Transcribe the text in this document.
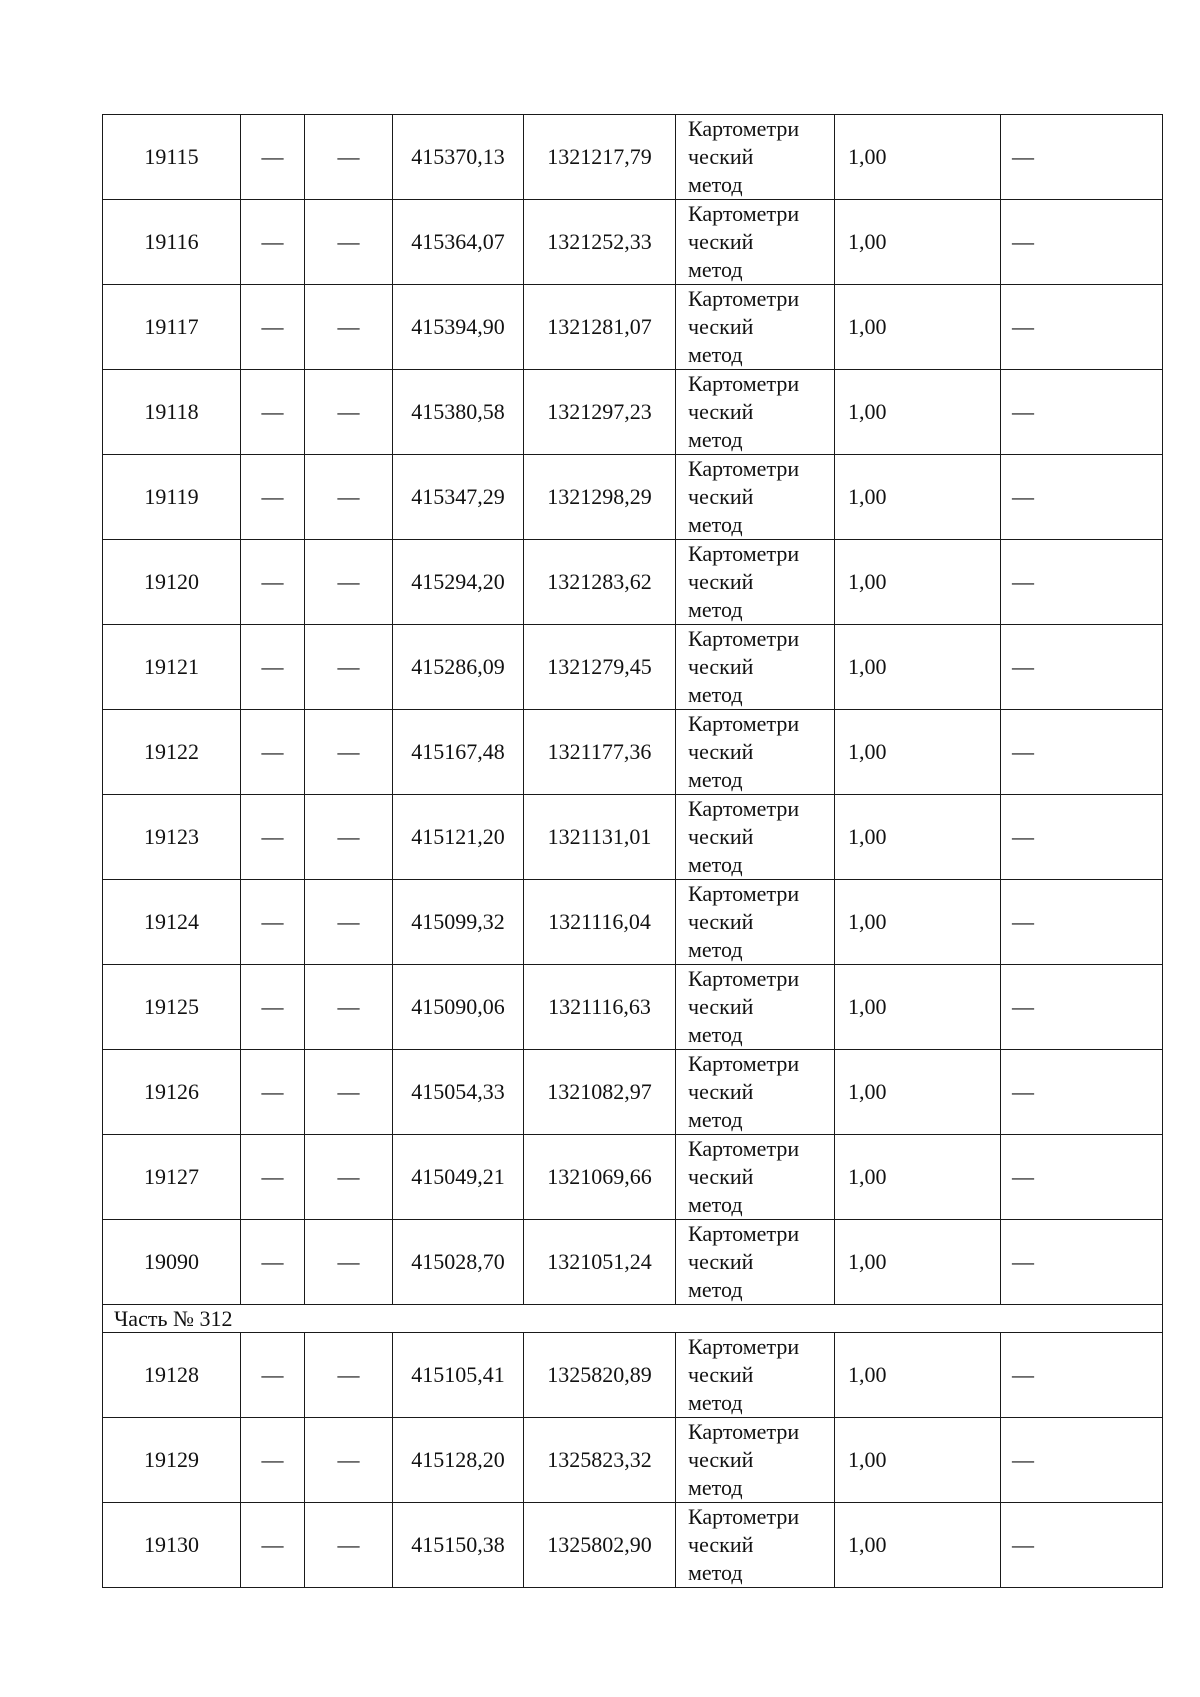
19115	—	—	415370,13	1321217,79	Картометри
ческий
метод	1,00	—
19116	—	—	415364,07	1321252,33	Картометри
ческий
метод	1,00	—
19117	—	—	415394,90	1321281,07	Картометри
ческий
метод	1,00	—
19118	—	—	415380,58	1321297,23	Картометри
ческий
метод	1,00	—
19119	—	—	415347,29	1321298,29	Картометри
ческий
метод	1,00	—
19120	—	—	415294,20	1321283,62	Картометри
ческий
метод	1,00	—
19121	—	—	415286,09	1321279,45	Картометри
ческий
метод	1,00	—
19122	—	—	415167,48	1321177,36	Картометри
ческий
метод	1,00	—
19123	—	—	415121,20	1321131,01	Картометри
ческий
метод	1,00	—
19124	—	—	415099,32	1321116,04	Картометри
ческий
метод	1,00	—
19125	—	—	415090,06	1321116,63	Картометри
ческий
метод	1,00	—
19126	—	—	415054,33	1321082,97	Картометри
ческий
метод	1,00	—
19127	—	—	415049,21	1321069,66	Картометри
ческий
метод	1,00	—
19090	—	—	415028,70	1321051,24	Картометри
ческий
метод	1,00	—
Часть № 312							
19128	—	—	415105,41	1325820,89	Картометри
ческий
метод	1,00	—
19129	—	—	415128,20	1325823,32	Картометри
ческий
метод	1,00	—
19130	—	—	415150,38	1325802,90	Картометри
ческий
метод	1,00	—
